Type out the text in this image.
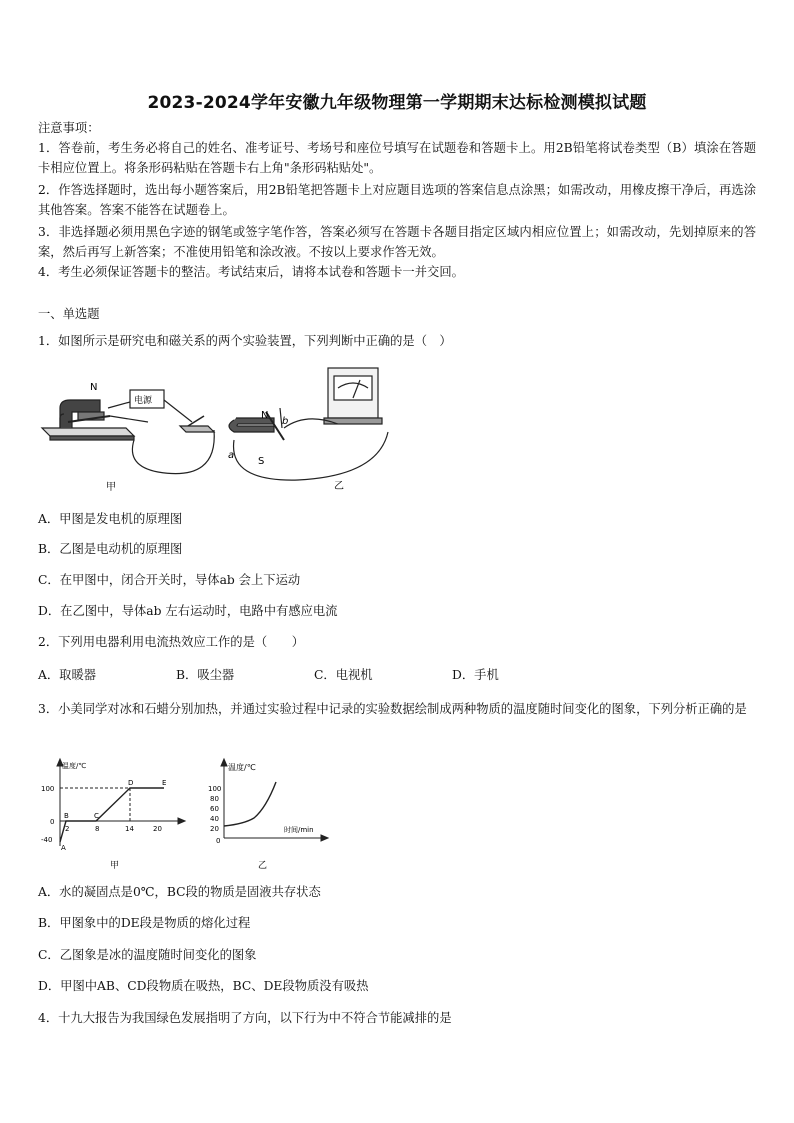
2023-2024学年安徽九年级物理第一学期期末达标检测模拟试题
注意事项：
1．答卷前，考生务必将自己的姓名、准考证号、考场号和座位号填写在试题卷和答题卡上。用2B铅笔将试卷类型（B）填涂在答题卡相应位置上。将条形码粘贴在答题卡右上角"条形码粘贴处"。
2．作答选择题时，选出每小题答案后，用2B铅笔把答题卡上对应题目选项的答案信息点涂黑；如需改动，用橡皮擦干净后，再选涂其他答案。答案不能答在试题卷上。
3．非选择题必须用黑色字迹的钢笔或签字笔作答，答案必须写在答题卡各题目指定区域内相应位置上；如需改动，先划掉原来的答案，然后再写上新答案；不准使用铅笔和涂改液。不按以上要求作答无效。
4．考生必须保证答题卡的整洁。考试结束后，请将本试卷和答题卡一并交回。
一、单选题
1．如图所示是研究电和磁关系的两个实验装置，下列判断中正确的是（　）
电源
N
甲
N
S
a
b
乙
A．甲图是发电机的原理图
B．乙图是电动机的原理图
C．在甲图中，闭合开关时，导体ab 会上下运动
D．在乙图中，导体ab 左右运动时，电路中有感应电流
2．下列用电器利用电流热效应工作的是（　　）
A．取暖器	B．吸尘器	C．电视机	D．手机
3．小美同学对冰和石蜡分别加热，并通过实验过程中记录的实验数据绘制成两种物质的温度随时间变化的图象，下列分析正确的是
温度/℃
100
0
-40
2	8	14	20
A
B	C
D	E
甲
温度/℃
时间/min
100
80
60
40
20
0
乙
A．水的凝固点是0℃，BC段的物质是固液共存状态
B．甲图象中的DE段是物质的熔化过程
C．乙图象是冰的温度随时间变化的图象
D．甲图中AB、CD段物质在吸热，BC、DE段物质没有吸热
4．十九大报告为我国绿色发展指明了方向，以下行为中不符合节能减排的是
